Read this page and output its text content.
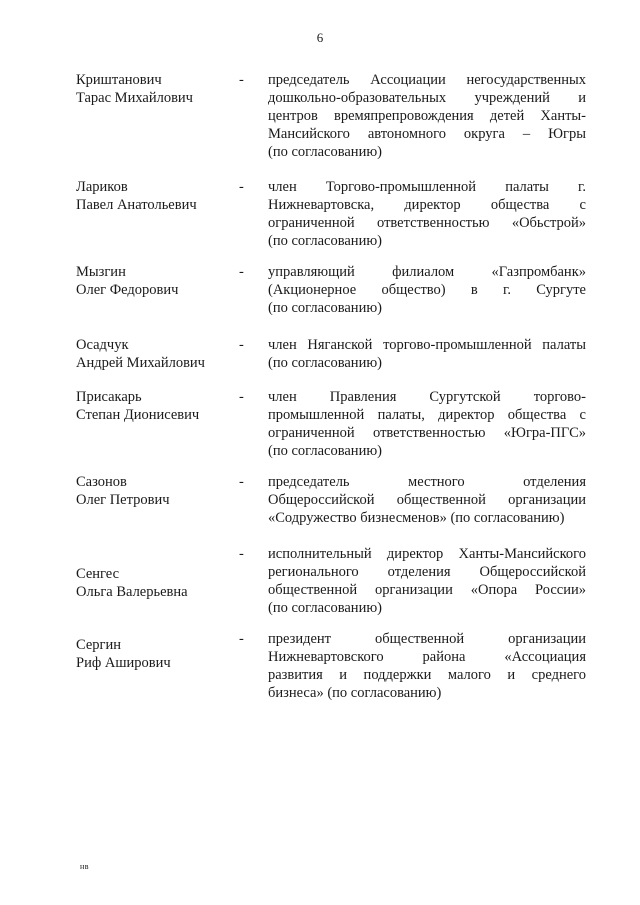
6
Криштанович
Тарас Михайлович
- председатель Ассоциации негосударственных
дошкольно-образовательных учреждений и
центров времяпрепровождения детей Ханты-
Мансийского автономного округа – Югры
(по согласованию)
Лариков
Павел Анатольевич
- член Торгово-промышленной палаты г.
Нижневартовска, директор общества с
ограниченной ответственностью «Обьстрой»
(по согласованию)
Мызгин
Олег Федорович
- управляющий филиалом «Газпромбанк»
(Акционерное общество) в г. Сургуте
(по согласованию)
Осадчук
Андрей Михайлович
- член Няганской торгово-промышленной палаты
(по согласованию)
Присакарь
Степан Дионисевич
- член Правления Сургутской торгово-
промышленной палаты, директор общества с
ограниченной ответственностью «Югра-ПГС»
(по согласованию)
Сазонов
Олег Петрович
- председатель местного отделения
Общероссийской общественной организации
«Содружество бизнесменов» (по согласованию)
Сенгес
Ольга Валерьевна
- исполнительный директор Ханты-Мансийского
регионального отделения Общероссийской
общественной организации «Опора России»
(по согласованию)
Сергин
Риф Аширович
- президент общественной организации
Нижневартовского района «Ассоциация
развития и поддержки малого и среднего
бизнеса» (по согласованию)
нв
